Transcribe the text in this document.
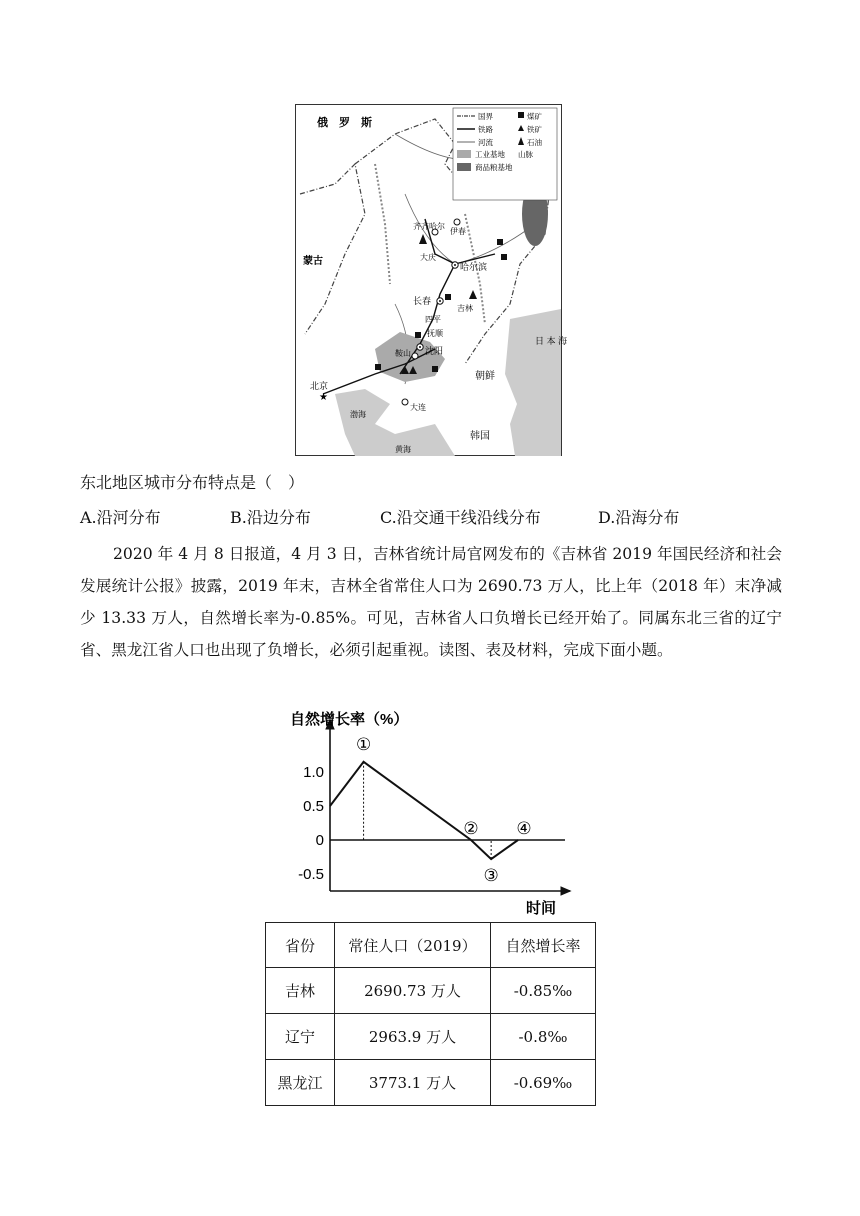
★
国界
铁路
河流
工业基地
商品粮基地
煤矿
铁矿
石油
山脉
俄　罗　斯
蒙古
齐齐哈尔
伊春
大庆
哈尔滨
长春
吉林
四平
抚顺
鞍山 沈阳
北京
大连
渤海
黄海
朝鲜
韩国
日 本 海
东北地区城市分布特点是（　）
A.沿河分布	B.沿边分布	C.沿交通干线沿线分布	D.沿海分布
2020 年 4 月 8 日报道，4 月 3 日，吉林省统计局官网发布的《吉林省 2019 年国民经济和社会发展统计公报》披露，2019 年末，吉林全省常住人口为 2690.73 万人，比上年（2018 年）末净减少 13.33 万人，自然增长率为-0.85%。可见，吉林省人口负增长已经开始了。同属东北三省的辽宁省、黑龙江省人口也出现了负增长，必须引起重视。读图、表及材料，完成下面小题。
自然增长率（%）
时间
1.0
0.5
0
-0.5
①
②
③
④
省份	常住人口（2019）	自然增长率
吉林	2690.73 万人	-0.85‰
辽宁	2963.9 万人	-0.8‰
黑龙江	3773.1 万人	-0.69‰
